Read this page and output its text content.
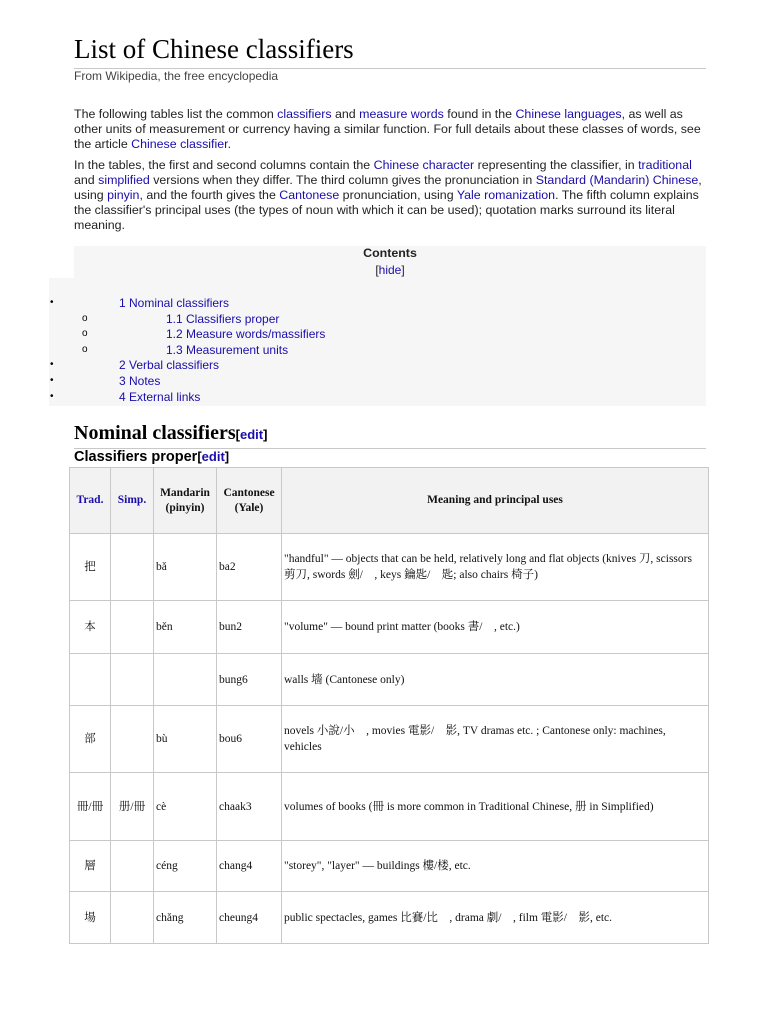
List of Chinese classifiers
From Wikipedia, the free encyclopedia
The following tables list the common classifiers and measure words found in the Chinese languages, as well as other units of measurement or currency having a similar function. For full details about these classes of words, see the article Chinese classifier.
In the tables, the first and second columns contain the Chinese character representing the classifier, in traditional and simplified versions when they differ. The third column gives the pronunciation in Standard (Mandarin) Chinese, using pinyin, and the fourth gives the Cantonese pronunciation, using Yale romanization. The fifth column explains the classifier's principal uses (the types of noun with which it can be used); quotation marks surround its literal meaning.
Contents
[hide]
•	1 Nominal classifiers
o	1.1 Classifiers proper
o	1.2 Measure words/massifiers
o	1.3 Measurement units
•	2 Verbal classifiers
•	3 Notes
•	4 External links
Nominal classifiers[edit]
Classifiers proper[edit]
Trad.	Simp.	Mandarin (pinyin)	Cantonese (Yale)	Meaning and principal uses
把		bǎ	ba2	"handful" — objects that can be held, relatively long and flat objects (knives 刀, scissors 剪刀, swords 劍/　, keys 鑰匙/　匙; also chairs 椅子)
本		běn	bun2	"volume" — bound print matter (books 書/　, etc.)
			bung6	walls 墻 (Cantonese only)
部		bù	bou6	novels 小說/小　, movies 電影/　影, TV dramas etc. ; Cantonese only: machines, vehicles
冊/冊	册/冊	cè	chaak3	volumes of books (冊 is more common in Traditional Chinese, 册 in Simplified)
層		céng	chang4	"storey", "layer" — buildings 樓/楼, etc.
場		chǎng	cheung4	public spectacles, games 比賽/比　, drama 劇/　, film 電影/　影, etc.
